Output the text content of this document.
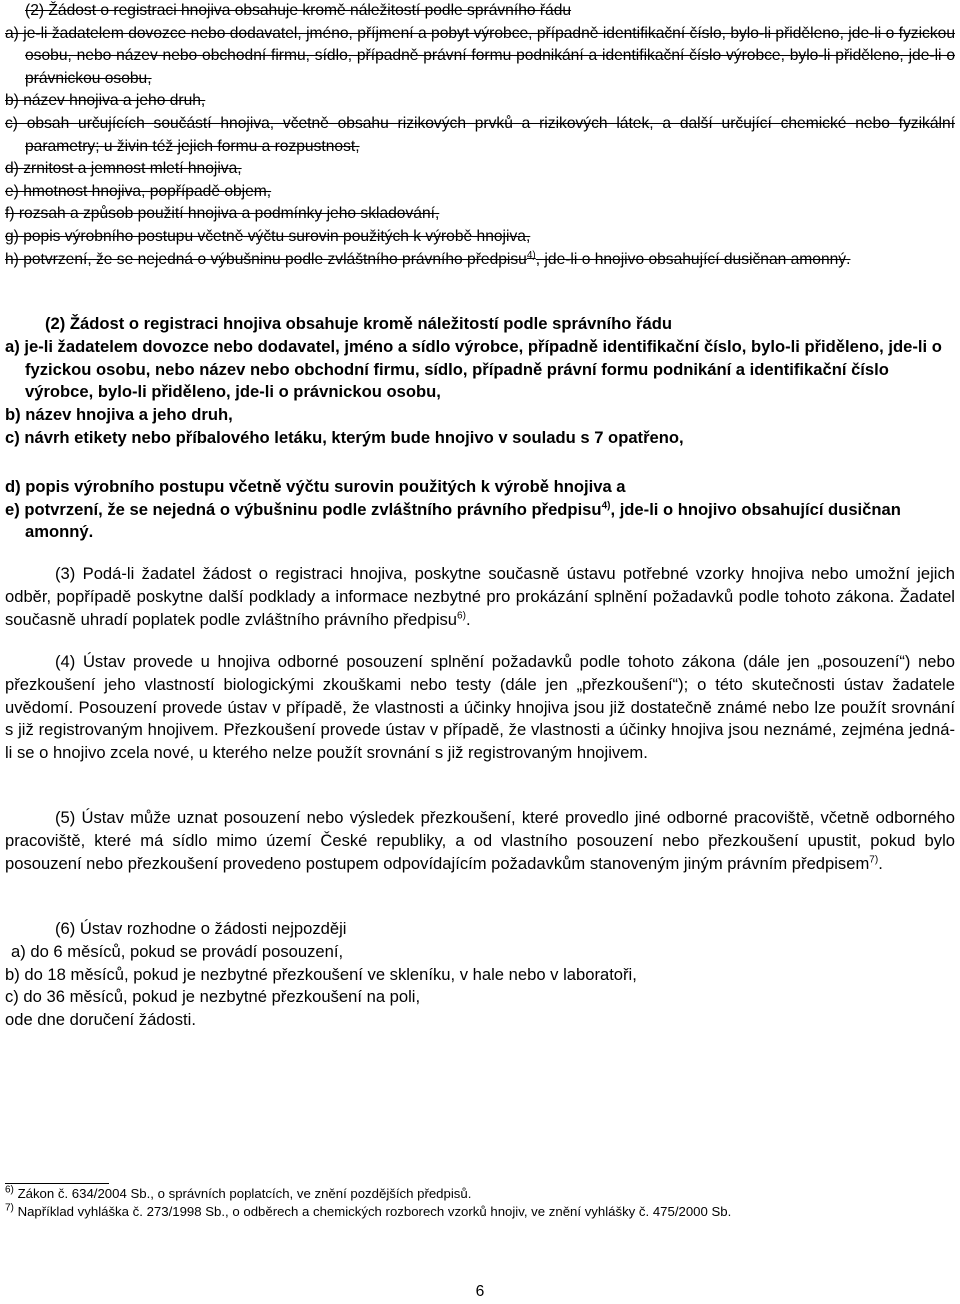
(2) Žádost o registraci hnojiva obsahuje kromě náležitostí podle správního řádu

a) je-li žadatelem dovozce nebo dodavatel, jméno, příjmení a pobyt výrobce, případně identifikační číslo, bylo-li přiděleno, jde-li o fyzickou osobu, nebo název nebo obchodní firmu, sídlo, případně právní formu podnikání a identifikační číslo výrobce, bylo-li přiděleno, jde-li o právnickou osobu,

b) název hnojiva a jeho druh,

c) obsah určujících součástí hnojiva, včetně obsahu rizikových prvků a rizikových látek, a další určující chemické nebo fyzikální parametry; u živin též jejich formu a rozpustnost,

d) zrnitost a jemnost mletí hnojiva,

e) hmotnost hnojiva, popřípadě objem,

f) rozsah a způsob použití hnojiva a podmínky jeho skladování,

g) popis výrobního postupu včetně výčtu surovin použitých k výrobě hnojiva,

h) potvrzení, že se nejedná o výbušninu podle zvláštního právního předpisu$^{4)}$, jde-li o hnojivo obsahující dusičnan amonný.

(2) Žádost o registraci hnojiva obsahuje kromě náležitostí podle správního řádu

a) je-li žadatelem dovozce nebo dodavatel, jméno a sídlo výrobce, případně identifikační číslo, bylo-li přiděleno, jde-li o fyzickou osobu, nebo název nebo obchodní firmu, sídlo, případně právní formu podnikání a identifikační číslo výrobce, bylo-li přiděleno, jde-li o právnickou osobu,

b) název hnojiva a jeho druh,

c) návrh etikety nebo příbalového letáku, kterým bude hnojivo v souladu s 7 opatřeno,

d) popis výrobního postupu včetně výčtu surovin použitých k výrobě hnojiva a

e) potvrzení, že se nejedná o výbušninu podle zvláštního právního předpisu$^{4)}$, jde-li o hnojivo obsahující dusičnan amonný.

(3) Podá-li žadatel žádost o registraci hnojiva, poskytne současně ústavu potřebné vzorky hnojiva nebo umožní jejich odběr, popřípadě poskytne další podklady a informace nezbytné pro prokázání splnění požadavků podle tohoto zákona. Žadatel současně uhradí poplatek podle zvláštního právního předpisu$^{6)}$.

(4) Ústav provede u hnojiva odborné posouzení splnění požadavků podle tohoto zákona (dále jen „posouzení“) nebo přezkoušení jeho vlastností biologickými zkouškami nebo testy (dále jen „přezkoušení“); o této skutečnosti ústav žadatele uvědomí. Posouzení provede ústav v případě, že vlastnosti a účinky hnojiva jsou již dostatečně známé nebo lze použít srovnání s již registrovaným hnojivem. Přezkoušení provede ústav v případě, že vlastnosti a účinky hnojiva jsou neznámé, zejména jedná-li se o hnojivo zcela nové, u kterého nelze použít srovnání s již registrovaným hnojivem.

(5) Ústav může uznat posouzení nebo výsledek přezkoušení, které provedlo jiné odborné pracoviště, včetně odborného pracoviště, které má sídlo mimo území České republiky, a od vlastního posouzení nebo přezkoušení upustit, pokud bylo posouzení nebo přezkoušení provedeno postupem odpovídajícím požadavkům stanoveným jiným právním předpisem$^{7)}$.

(6) Ústav rozhodne o žádosti nejpozději

a) do 6 měsíců, pokud se provádí posouzení,

b) do 18 měsíců, pokud je nezbytné přezkoušení ve skleníku, v hale nebo v laboratoři,

c) do 36 měsíců, pokud je nezbytné přezkoušení na poli,

ode dne doručení žádosti.

$^{6)}$ Zákon č. 634/2004 Sb., o správních poplatcích, ve znění pozdějších předpisů.

$^{7)}$ Například vyhláška č. 273/1998 Sb., o odběrech a chemických rozborech vzorků hnojiv, ve znění vyhlášky č. 475/2000 Sb.

6
